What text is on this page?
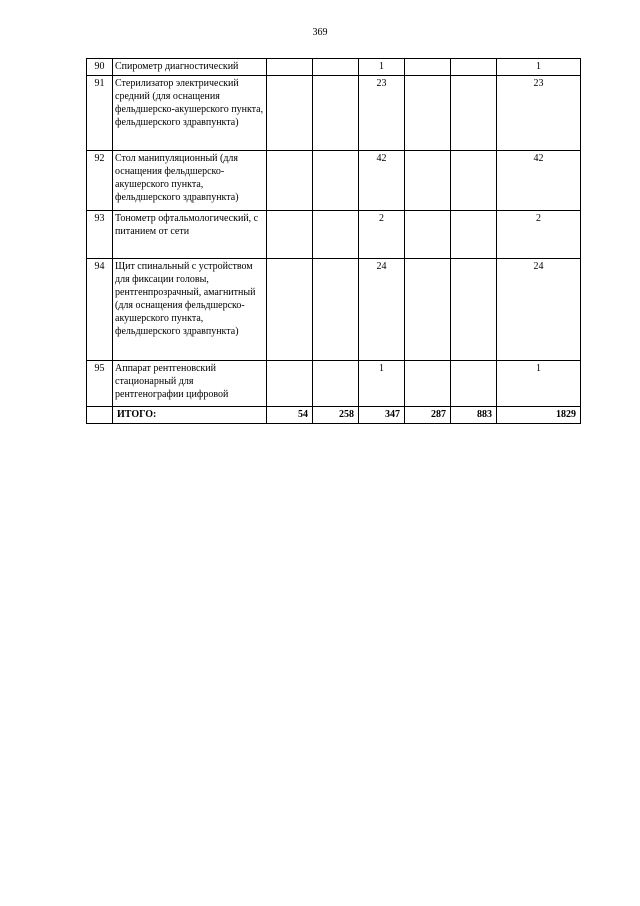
369
90	Спирометр диагностический			1			1
91	Стерилизатор электрический средний (для оснащения фельдшерско-акушерского пункта, фельдшерского здравпункта)			23			23
92	Стол манипуляционный (для оснащения фельдшерско-акушерского пункта, фельдшерского здравпункта)			42			42
93	Тонометр офтальмологический, с питанием от сети			2			2
94	Щит спинальный с устройством для фиксации головы, рентгенпрозрачный, амагнитный (для оснащения фельдшерско-акушерского пункта, фельдшерского здравпункта)			24			24
95	Аппарат рентгеновский стационарный для рентгенографии цифровой			1			1
	ИТОГО:	54	258	347	287	883	1829
